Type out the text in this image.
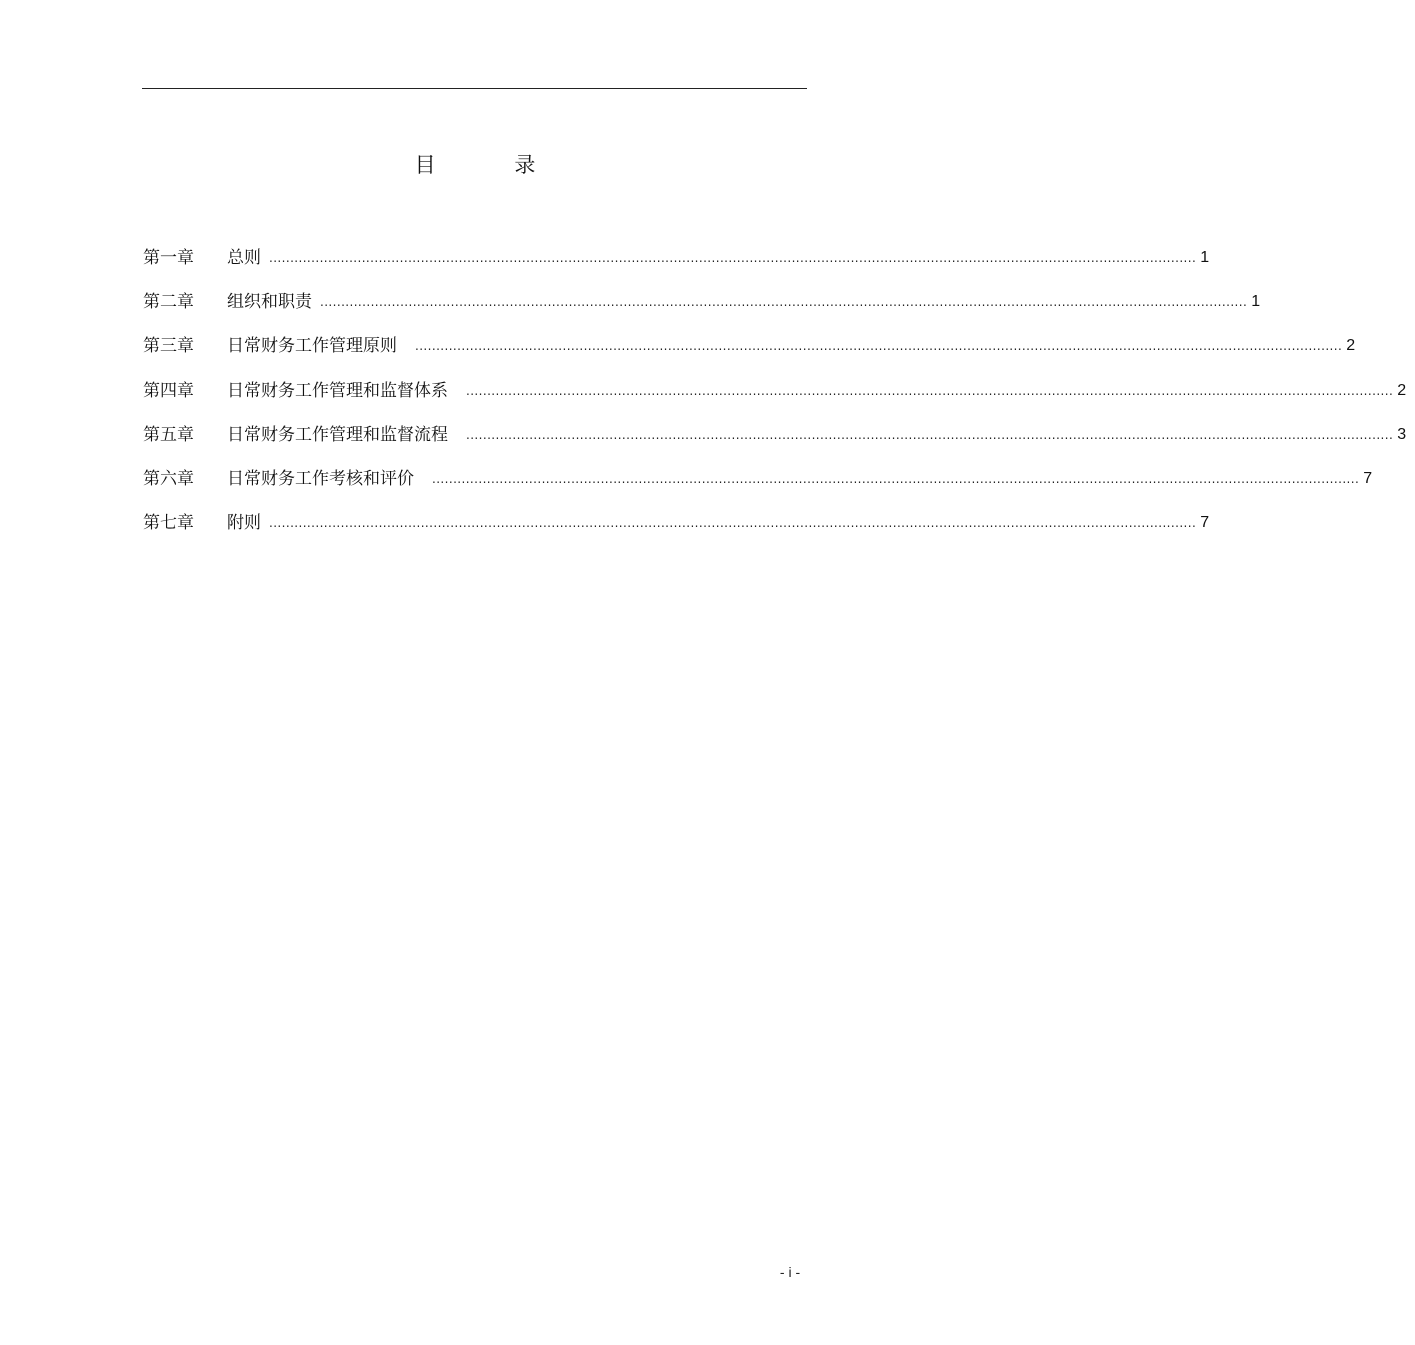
目 录
第一章	总则 ............................................................................................................................................................................................................................ 1
第二章	组织和职责 ............................................................................................................................................................................................................................ 1
第三章	日常财务工作管理原则 ............................................................................................................................................................................................................................ 2
第四章	日常财务工作管理和监督体系 ............................................................................................................................................................................................................................ 2
第五章	日常财务工作管理和监督流程 ............................................................................................................................................................................................................................ 3
第六章	日常财务工作考核和评价 ............................................................................................................................................................................................................................ 7
第七章	附则 ............................................................................................................................................................................................................................ 7
- i -
